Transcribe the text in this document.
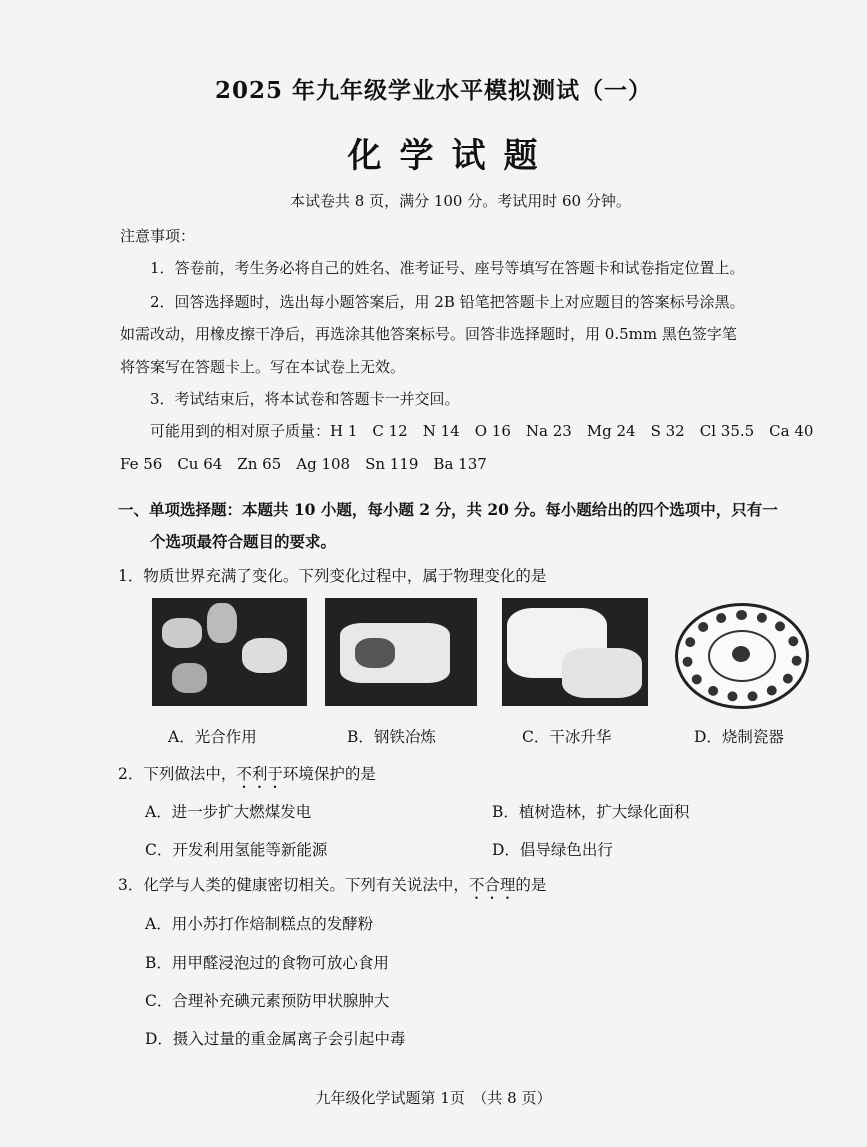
2025 年九年级学业水平模拟测试（一）
化学试题
本试卷共 8 页，满分 100 分。考试用时 60 分钟。
注意事项：
1．答卷前，考生务必将自己的姓名、准考证号、座号等填写在答题卡和试卷指定位置上。
2．回答选择题时，选出每小题答案后，用 2B 铅笔把答题卡上对应题目的答案标号涂黑。
如需改动，用橡皮擦干净后，再选涂其他答案标号。回答非选择题时，用 0.5mm 黑色签字笔
将答案写在答题卡上。写在本试卷上无效。
3．考试结束后，将本试卷和答题卡一并交回。
可能用到的相对原子质量：H 1　C 12　N 14　O 16　Na 23　Mg 24　S 32　Cl 35.5　Ca 40
Fe 56　Cu 64　Zn 65　Ag 108　Sn 119　Ba 137
一、单项选择题：本题共 10 小题，每小题 2 分，共 20 分。每小题给出的四个选项中，只有一
个选项最符合题目的要求。
1．物质世界充满了变化。下列变化过程中，属于物理变化的是
A．光合作用	B．钢铁冶炼	C．干冰升华	D．烧制瓷器
2．下列做法中，不利于环境保护的是
A．进一步扩大燃煤发电	B．植树造林，扩大绿化面积
C．开发利用氢能等新能源	D．倡导绿色出行
3．化学与人类的健康密切相关。下列有关说法中，不合理的是
A．用小苏打作焙制糕点的发酵粉
B．用甲醛浸泡过的食物可放心食用
C．合理补充碘元素预防甲状腺肿大
D．摄入过量的重金属离子会引起中毒
九年级化学试题第 1页　（共 8 页）
